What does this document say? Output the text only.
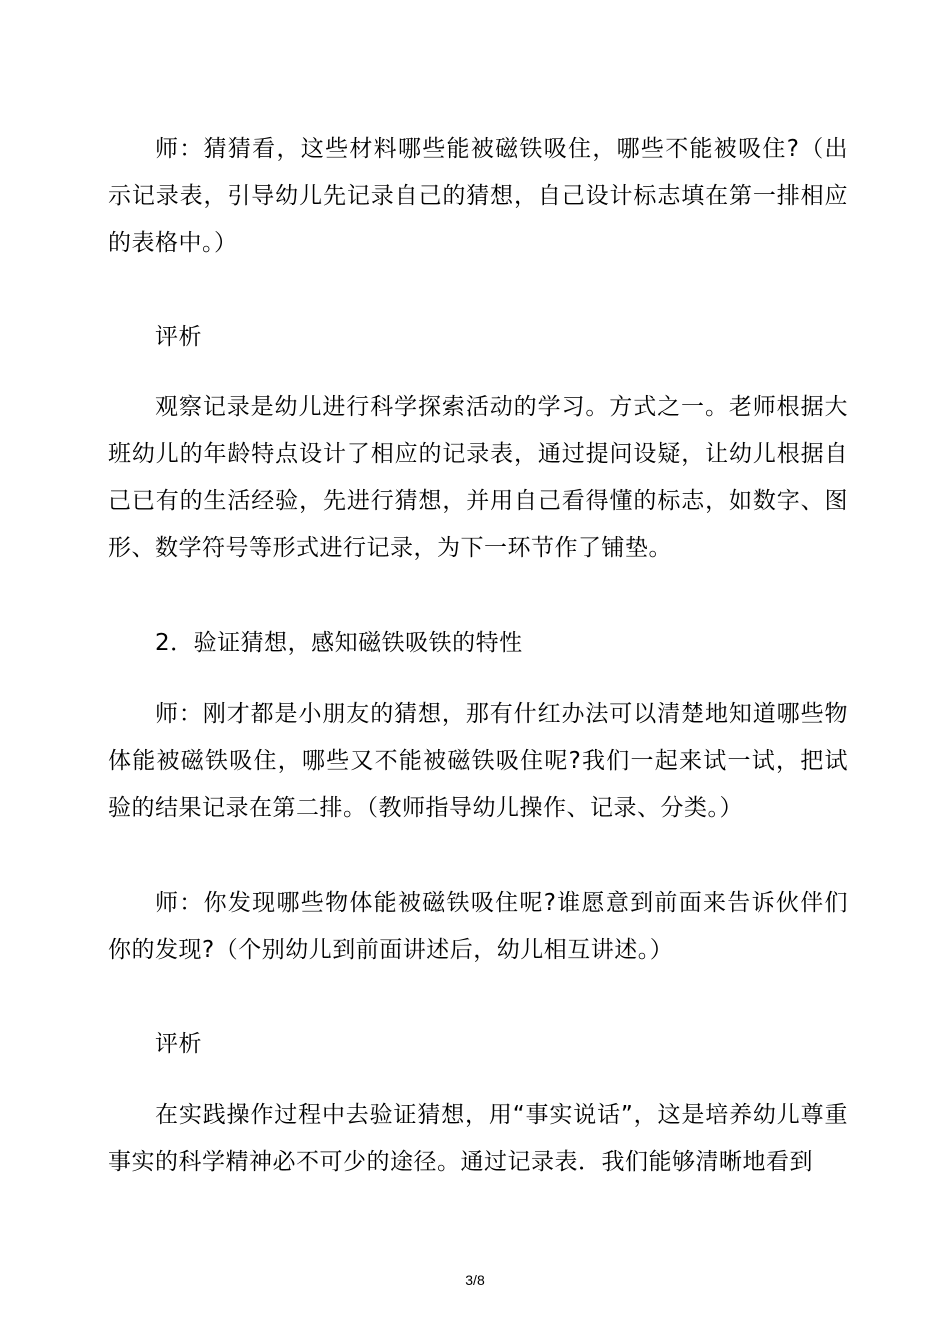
师：猜猜看，这些材料哪些能被磁铁吸住，哪些不能被吸住?（出示记录表，引导幼儿先记录自己的猜想，自己设计标志填在第一排相应的表格中。）

评析

观察记录是幼儿进行科学探索活动的学习。方式之一。老师根据大班幼儿的年龄特点设计了相应的记录表，通过提问设疑，让幼儿根据自己已有的生活经验，先进行猜想，并用自己看得懂的标志，如数字、图形、数学符号等形式进行记录，为下一环节作了铺垫。

2．验证猜想，感知磁铁吸铁的特性

师：刚才都是小朋友的猜想，那有什红办法可以清楚地知道哪些物体能被磁铁吸住，哪些又不能被磁铁吸住呢?我们一起来试一试，把试验的结果记录在第二排。（教师指导幼儿操作、记录、分类。）

师：你发现哪些物体能被磁铁吸住呢?谁愿意到前面来告诉伙伴们你的发现?（个别幼儿到前面讲述后，幼儿相互讲述。）

评析

在实践操作过程中去验证猜想，用“事实说话”，这是培养幼儿尊重事实的科学精神必不可少的途径。通过记录表．我们能够清晰地看到

3/8
